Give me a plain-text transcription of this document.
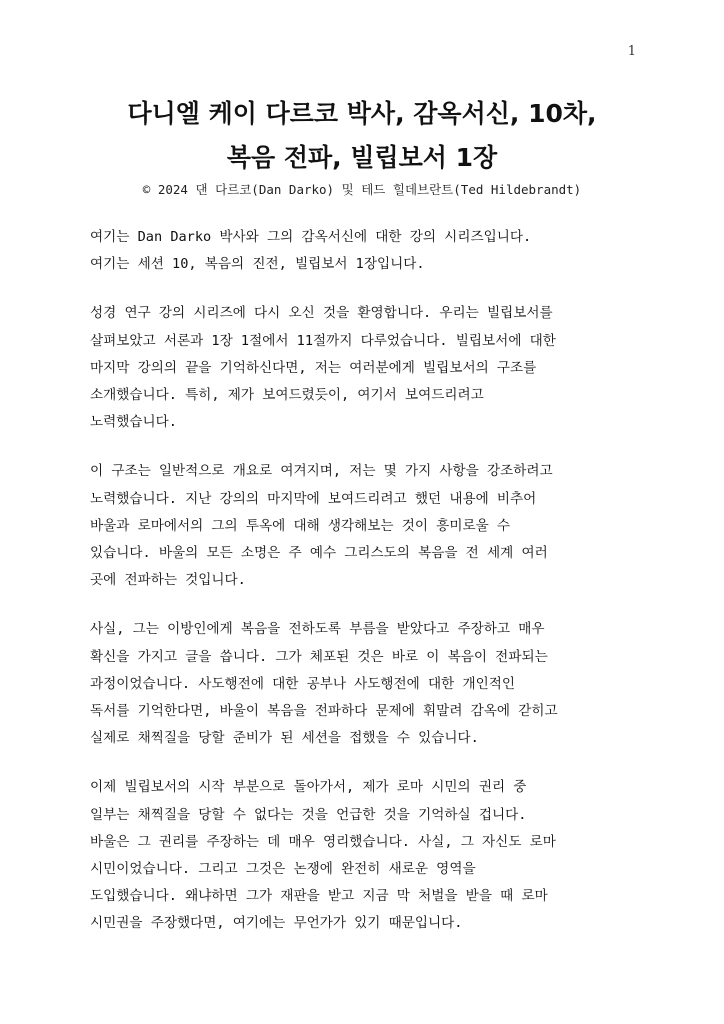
1
다니엘 케이 다르코 박사, 감옥서신, 10차,
복음 전파, 빌립보서 1장
© 2024 댄 다르코(Dan Darko) 및 테드 힐데브란트(Ted Hildebrandt)

여기는 Dan Darko 박사와 그의 감옥서신에 대한 강의 시리즈입니다.
여기는 세션 10, 복음의 진전, 빌립보서 1장입니다.

성경 연구 강의 시리즈에 다시 오신 것을 환영합니다. 우리는 빌립보서를
살펴보았고 서론과 1장 1절에서 11절까지 다루었습니다. 빌립보서에 대한
마지막 강의의 끝을 기억하신다면, 저는 여러분에게 빌립보서의 구조를
소개했습니다. 특히, 제가 보여드렸듯이, 여기서 보여드리려고
노력했습니다.

이 구조는 일반적으로 개요로 여겨지며, 저는 몇 가지 사항을 강조하려고
노력했습니다. 지난 강의의 마지막에 보여드리려고 했던 내용에 비추어
바울과 로마에서의 그의 투옥에 대해 생각해보는 것이 흥미로울 수
있습니다. 바울의 모든 소명은 주 예수 그리스도의 복음을 전 세계 여러
곳에 전파하는 것입니다.

사실, 그는 이방인에게 복음을 전하도록 부름을 받았다고 주장하고 매우
확신을 가지고 글을 씁니다. 그가 체포된 것은 바로 이 복음이 전파되는
과정이었습니다. 사도행전에 대한 공부나 사도행전에 대한 개인적인
독서를 기억한다면, 바울이 복음을 전파하다 문제에 휘말려 감옥에 갇히고
실제로 채찍질을 당할 준비가 된 세션을 접했을 수 있습니다.

이제 빌립보서의 시작 부분으로 돌아가서, 제가 로마 시민의 권리 중
일부는 채찍질을 당할 수 없다는 것을 언급한 것을 기억하실 겁니다.
바울은 그 권리를 주장하는 데 매우 영리했습니다. 사실, 그 자신도 로마
시민이었습니다. 그리고 그것은 논쟁에 완전히 새로운 영역을
도입했습니다. 왜냐하면 그가 재판을 받고 지금 막 처벌을 받을 때 로마
시민권을 주장했다면, 여기에는 무언가가 있기 때문입니다.
